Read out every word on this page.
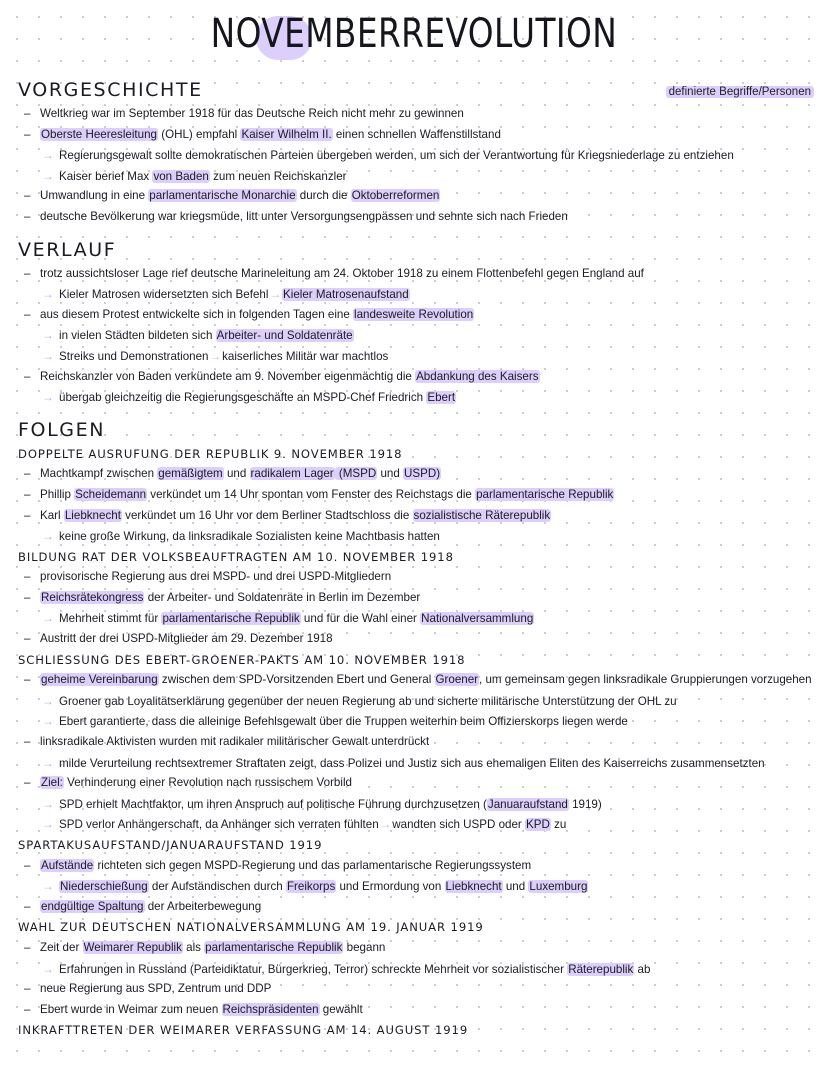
NOVEMBERREVOLUTION
definierte Begriffe/Personen
VORGESCHICHTE
– Weltkrieg war im September 1918 für das Deutsche Reich nicht mehr zu gewinnen
– Oberste Heeresleitung (OHL) empfahl Kaiser Wilhelm II. einen schnellen Waffenstillstand
→ Regierungsgewalt sollte demokratischen Parteien übergeben werden, um sich der Verantwortung für Kriegsniederlage zu entziehen
→ Kaiser berief Max von Baden zum neuen Reichskanzler
– Umwandlung in eine parlamentarische Monarchie durch die Oktoberreformen
– deutsche Bevölkerung war kriegsmüde, litt unter Versorgungsengpässen und sehnte sich nach Frieden
VERLAUF
– trotz aussichtsloser Lage rief deutsche Marineleitung am 24. Oktober 1918 zu einem Flottenbefehl gegen England auf
→ Kieler Matrosen widersetzten sich Befehl→ Kieler Matrosenaufstand
– aus diesem Protest entwickelte sich in folgenden Tagen eine landesweite Revolution
→ in vielen Städten bildeten sich Arbeiter- und Soldatenräte
→ Streiks und Demonstrationen→kaiserliches Militär war machtlos
– Reichskanzler von Baden verkündete am 9. November eigenmächtig die Abdankung des Kaisers
→ übergab gleichzeitig die Regierungsgeschäfte an MSPD-Chef Friedrich Ebert
FOLGEN
DOPPELTE AUSRUFUNG DER REPUBLIK 9. NOVEMBER 1918
– Machtkampf zwischen gemäßigtem und radikalem Lager (MSPD und USPD)
– Phillip Scheidemann verkündet um 14 Uhr spontan vom Fenster des Reichstags die parlamentarische Republik
– Karl Liebknecht verkündet um 16 Uhr vor dem Berliner Stadtschloss die sozialistische Räterepublik
→ keine große Wirkung, da linksradikale Sozialisten keine Machtbasis hatten
BILDUNG RAT DER VOLKSBEAUFTRAGTEN AM 10. NOVEMBER 1918
– provisorische Regierung aus drei MSPD- und drei USPD-Mitgliedern
– Reichsrätekongress der Arbeiter- und Soldatenräte in Berlin im Dezember
→ Mehrheit stimmt für parlamentarische Republik und für die Wahl einer Nationalversammlung
– Austritt der drei USPD-Mitglieder am 29. Dezember 1918
SCHLIESSUNG DES EBERT-GROENER-PAKTS AM 10. NOVEMBER 1918
– geheime Vereinbarung zwischen dem SPD-Vorsitzenden Ebert und General Groener, um gemeinsam gegen linksradikale Gruppierungen vorzugehen
→ Groener gab Loyalitätserklärung gegenüber der neuen Regierung ab und sicherte militärische Unterstützung der OHL zu
→ Ebert garantierte, dass die alleinige Befehlsgewalt über die Truppen weiterhin beim Offizierskorps liegen werde
– linksradikale Aktivisten wurden mit radikaler militärischer Gewalt unterdrückt
→ milde Verurteilung rechtsextremer Straftaten zeigt, dass Polizei und Justiz sich aus ehemaligen Eliten des Kaiserreichs zusammensetzten
– Ziel: Verhinderung einer Revolution nach russischem Vorbild
→ SPD erhielt Machtfaktor, um ihren Anspruch auf politische Führung durchzusetzen (Januaraufstand 1919)
→ SPD verlor Anhängerschaft, da Anhänger sich verraten fühlten→wandten sich USPD oder KPD zu
SPARTAKUSAUFSTAND/JANUARAUFSTAND 1919
– Aufstände richteten sich gegen MSPD-Regierung und das parlamentarische Regierungssystem
→ Niederschießung der Aufständischen durch Freikorps und Ermordung von Liebknecht und Luxemburg
– endgültige Spaltung der Arbeiterbewegung
WAHL ZUR DEUTSCHEN NATIONALVERSAMMLUNG AM 19. JANUAR 1919
– Zeit der Weimarer Republik als parlamentarische Republik begann
→ Erfahrungen in Russland (Parteidiktatur, Bürgerkrieg, Terror) schreckte Mehrheit vor sozialistischer Räterepublik ab
– neue Regierung aus SPD, Zentrum und DDP
– Ebert wurde in Weimar zum neuen Reichspräsidenten gewählt
INKRAFTTRETEN DER WEIMARER VERFASSUNG AM 14. AUGUST 1919
